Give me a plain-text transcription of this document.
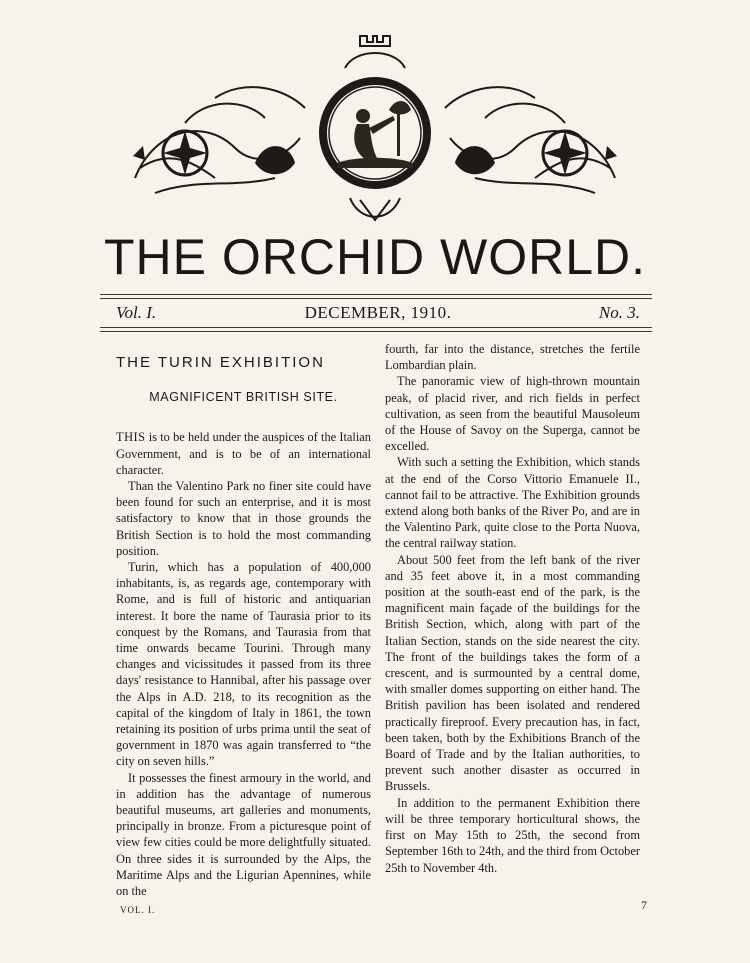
THE ORCHID WORLD.
Vol. I.	DECEMBER, 1910.	No. 3.
THE TURIN EXHIBITION
MAGNIFICENT BRITISH SITE.

THIS is to be held under the auspices of the Italian Government, and is to be of an international character.

Than the Valentino Park no finer site could have been found for such an enterprise, and it is most satisfactory to know that in those grounds the British Section is to hold the most commanding position.

Turin, which has a population of 400,000 inhabitants, is, as regards age, contemporary with Rome, and is full of historic and antiquarian interest. It bore the name of Taurasia prior to its conquest by the Romans, and Taurasia from that time onwards became Tourini. Through many changes and vicissitudes it passed from its three days' resistance to Hannibal, after his passage over the Alps in A.D. 218, to its recognition as the capital of the kingdom of Italy in 1861, the town retaining its position of urbs prima until the seat of government in 1870 was again transferred to “the city on seven hills.”

It possesses the finest armoury in the world, and in addition has the advantage of numerous beautiful museums, art galleries and monuments, principally in bronze. From a picturesque point of view few cities could be more delightfully situated. On three sides it is surrounded by the Alps, the Maritime Alps and the Ligurian Apennines, while on the

fourth, far into the distance, stretches the fertile Lombardian plain.

The panoramic view of high-thrown mountain peak, of placid river, and rich fields in perfect cultivation, as seen from the beautiful Mausoleum of the House of Savoy on the Superga, cannot be excelled.

With such a setting the Exhibition, which stands at the end of the Corso Vittorio Emanuele II., cannot fail to be attractive. The Exhibition grounds extend along both banks of the River Po, and are in the Valentino Park, quite close to the Porta Nuova, the central railway station.

About 500 feet from the left bank of the river and 35 feet above it, in a most commanding position at the south-east end of the park, is the magnificent main façade of the buildings for the British Section, which, along with part of the Italian Section, stands on the side nearest the city. The front of the buildings takes the form of a crescent, and is surmounted by a central dome, with smaller domes supporting on either hand. The British pavilion has been isolated and rendered practically fireproof. Every precaution has, in fact, been taken, both by the Exhibitions Branch of the Board of Trade and by the Italian authorities, to prevent such another disaster as occurred in Brussels.

In addition to the permanent Exhibition there will be three temporary horticultural shows, the first on May 15th to 25th, the second from September 16th to 24th, and the third from October 25th to November 4th.

VOL. I.	7
